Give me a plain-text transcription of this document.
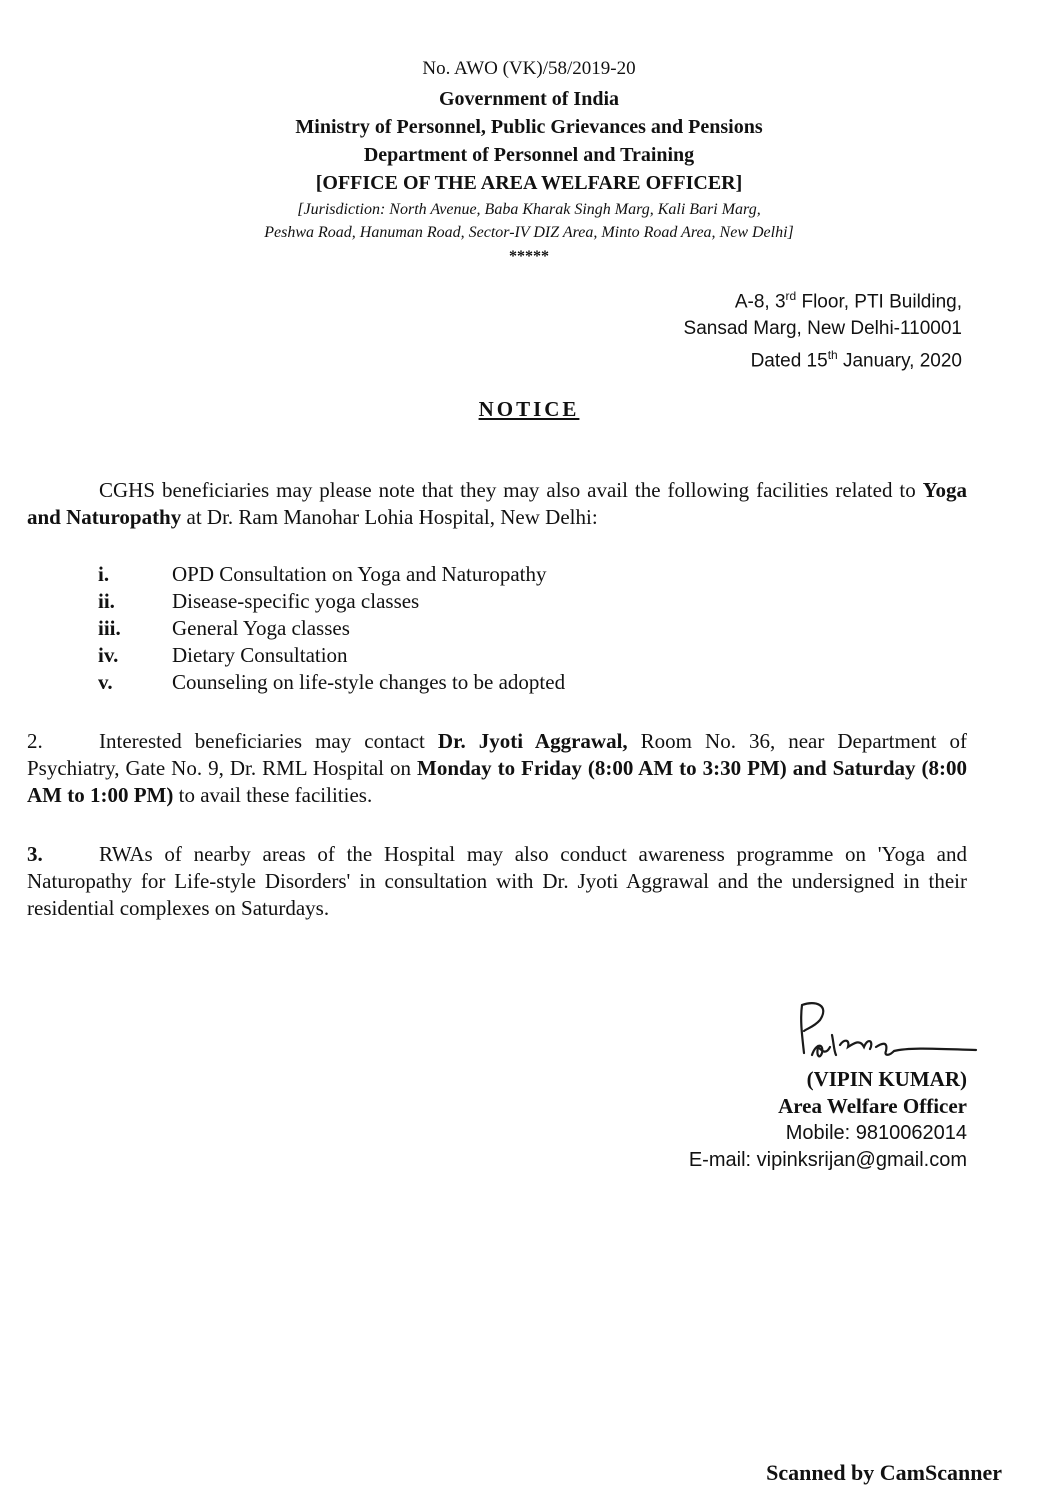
No. AWO (VK)/58/2019-20
Government of India
Ministry of Personnel, Public Grievances and Pensions
Department of Personnel and Training
[OFFICE OF THE AREA WELFARE OFFICER]
[Jurisdiction: North Avenue, Baba Kharak Singh Marg, Kali Bari Marg,
Peshwa Road, Hanuman Road, Sector-IV DIZ Area, Minto Road Area, New Delhi]
*****
A-8, 3rd Floor, PTI Building,
Sansad Marg, New Delhi-110001
Dated 15th January, 2020
NOTICE
CGHS beneficiaries may please note that they may also avail the following facilities related to Yoga and Naturopathy at Dr. Ram Manohar Lohia Hospital, New Delhi:
i.	OPD Consultation on Yoga and Naturopathy
ii.	Disease-specific yoga classes
iii.	General Yoga classes
iv.	Dietary Consultation
v.	Counseling on life-style changes to be adopted
2.	Interested beneficiaries may contact Dr. Jyoti Aggrawal, Room No. 36, near Department of Psychiatry, Gate No. 9, Dr. RML Hospital on Monday to Friday (8:00 AM to 3:30 PM) and Saturday (8:00 AM to 1:00 PM) to avail these facilities.
3.	RWAs of nearby areas of the Hospital may also conduct awareness programme on 'Yoga and Naturopathy for Life-style Disorders' in consultation with Dr. Jyoti Aggrawal and the undersigned in their residential complexes on Saturdays.
(VIPIN KUMAR)
Area Welfare Officer
Mobile: 9810062014
E-mail: vipinksrijan@gmail.com
Scanned by CamScanner
